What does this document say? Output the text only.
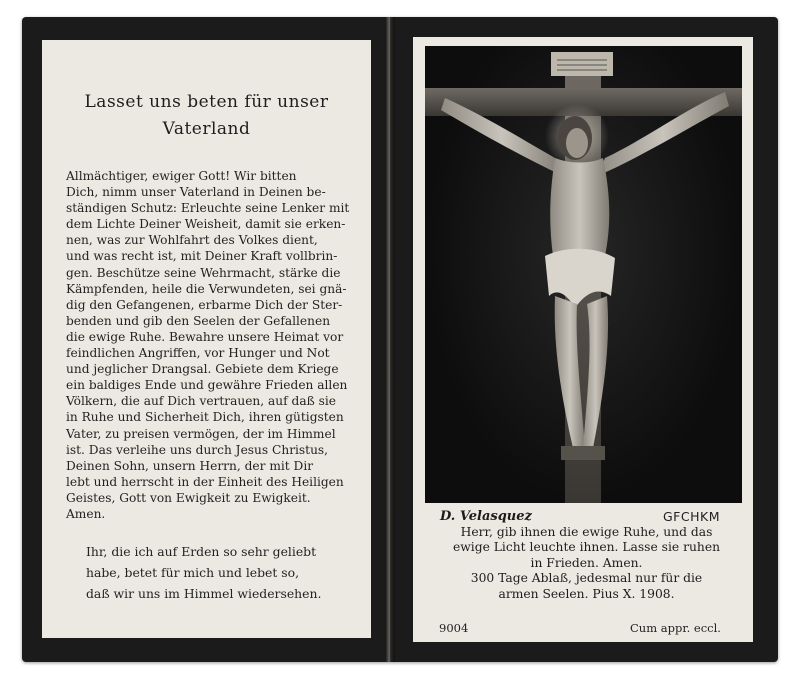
Lasset uns beten für unser
Vaterland

Allmächtiger, ewiger Gott! Wir bitten

Dich, nimm unser Vaterland in Deinen be-

ständigen Schutz: Erleuchte seine Lenker mit

dem Lichte Deiner Weisheit, damit sie erken-

nen, was zur Wohlfahrt des Volkes dient,

und was recht ist, mit Deiner Kraft vollbrin-

gen. Beschütze seine Wehrmacht, stärke die

Kämpfenden, heile die Verwundeten, sei gnä-

dig den Gefangenen, erbarme Dich der Ster-

benden und gib den Seelen der Gefallenen

die ewige Ruhe. Bewahre unsere Heimat vor

feindlichen Angriffen, vor Hunger und Not

und jeglicher Drangsal. Gebiete dem Kriege

ein baldiges Ende und gewähre Frieden allen

Völkern, die auf Dich vertrauen, auf daß sie

in Ruhe und Sicherheit Dich, ihren gütigsten

Vater, zu preisen vermögen, der im Himmel

ist. Das verleihe uns durch Jesus Christus,

Deinen Sohn, unsern Herrn, der mit Dir

lebt und herrscht in der Einheit des Heiligen

Geistes, Gott von Ewigkeit zu Ewigkeit.

Amen.

Ihr, die ich auf Erden so sehr geliebt
habe, betet für mich und lebet so,
daß wir uns im Himmel wiedersehen.
D. Velasquez	GFCHKM

Herr, gib ihnen die ewige Ruhe, und das

ewige Licht leuchte ihnen. Lasse sie ruhen

in Frieden. Amen.

300 Tage Ablaß, jedesmal nur für die

armen Seelen. Pius X. 1908.

9004	Cum appr. eccl.
